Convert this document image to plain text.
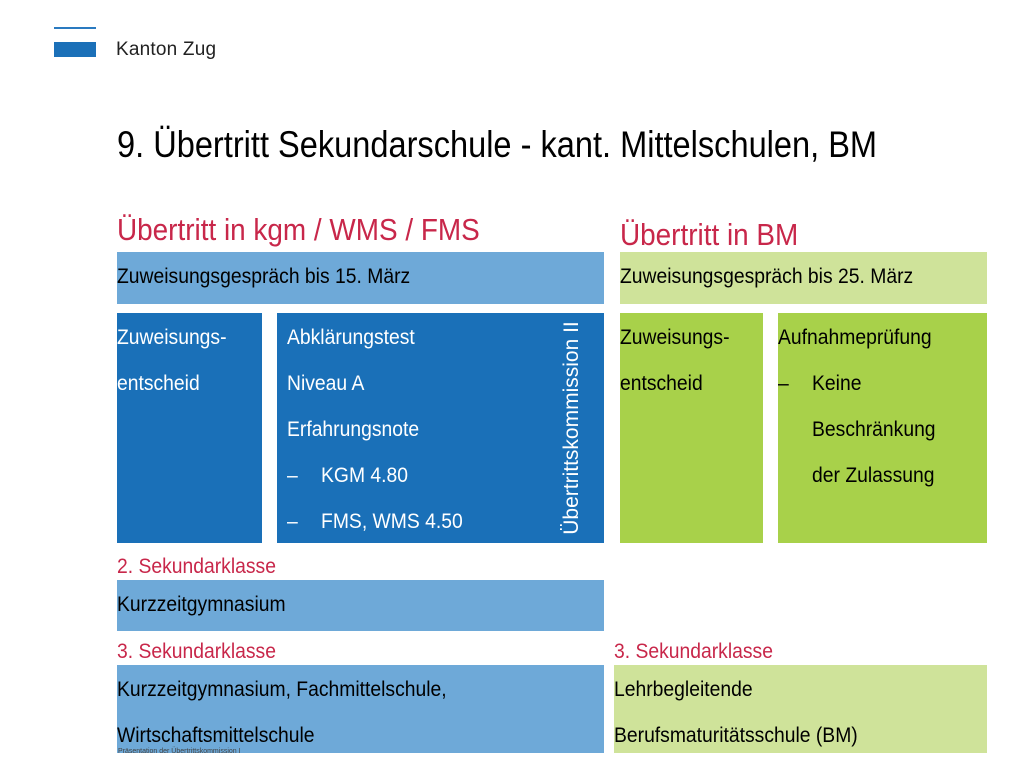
Kanton Zug
9. Übertritt Sekundarschule - kant. Mittelschulen, BM
Übertritt in kgm / WMS / FMS
Zuweisungsgespräch bis 15. März
Zuweisungs-
entscheid
Abklärungstest
Niveau A
Erfahrungsnote
– KGM 4.80
– FMS, WMS 4.50	Übertrittskommission II
2. Sekundarklasse
Kurzzeitgymnasium
3. Sekundarklasse
Kurzzeitgymnasium, Fachmittelschule,
Wirtschaftsmittelschule
Übertritt in BM
Zuweisungsgespräch bis 25. März
Zuweisungs-
entscheid
Aufnahmeprüfung
– Keine
Beschränkung
der Zulassung
3. Sekundarklasse
Lehrbegleitende
Berufsmaturitätsschule (BM)
Präsentation der Übertrittskommission I
